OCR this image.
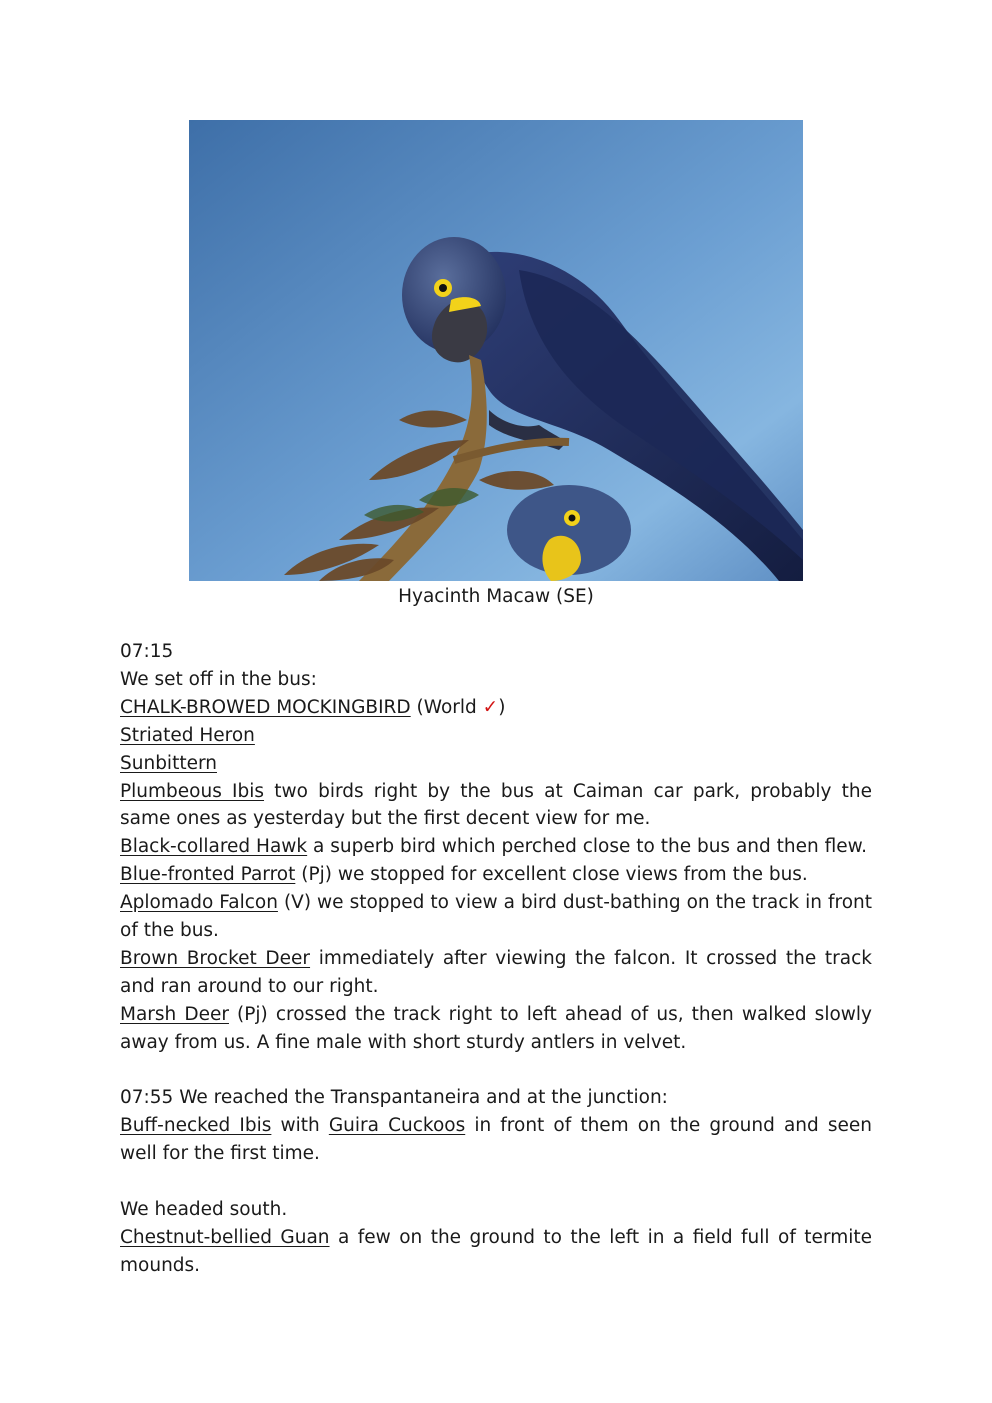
Hyacinth Macaw (SE)

07:15

We set off in the bus:

CHALK-BROWED MOCKINGBIRD (World ✓)

Striated Heron

Sunbittern

Plumbeous Ibis two birds right by the bus at Caiman car park, probably the same ones as yesterday but the first decent view for me.

Black-collared Hawk a superb bird which perched close to the bus and then flew.

Blue-fronted Parrot (Pj) we stopped for excellent close views from the bus.

Aplomado Falcon (V) we stopped to view a bird dust-bathing on the track in front of the bus.

Brown Brocket Deer immediately after viewing the falcon. It crossed the track and ran around to our right.

Marsh Deer (Pj) crossed the track right to left ahead of us, then walked slowly away from us. A fine male with short sturdy antlers in velvet.

07:55 We reached the Transpantaneira and at the junction:

Buff-necked Ibis with Guira Cuckoos in front of them on the ground and seen well for the first time.

We headed south.

Chestnut-bellied Guan a few on the ground to the left in a field full of termite mounds.
